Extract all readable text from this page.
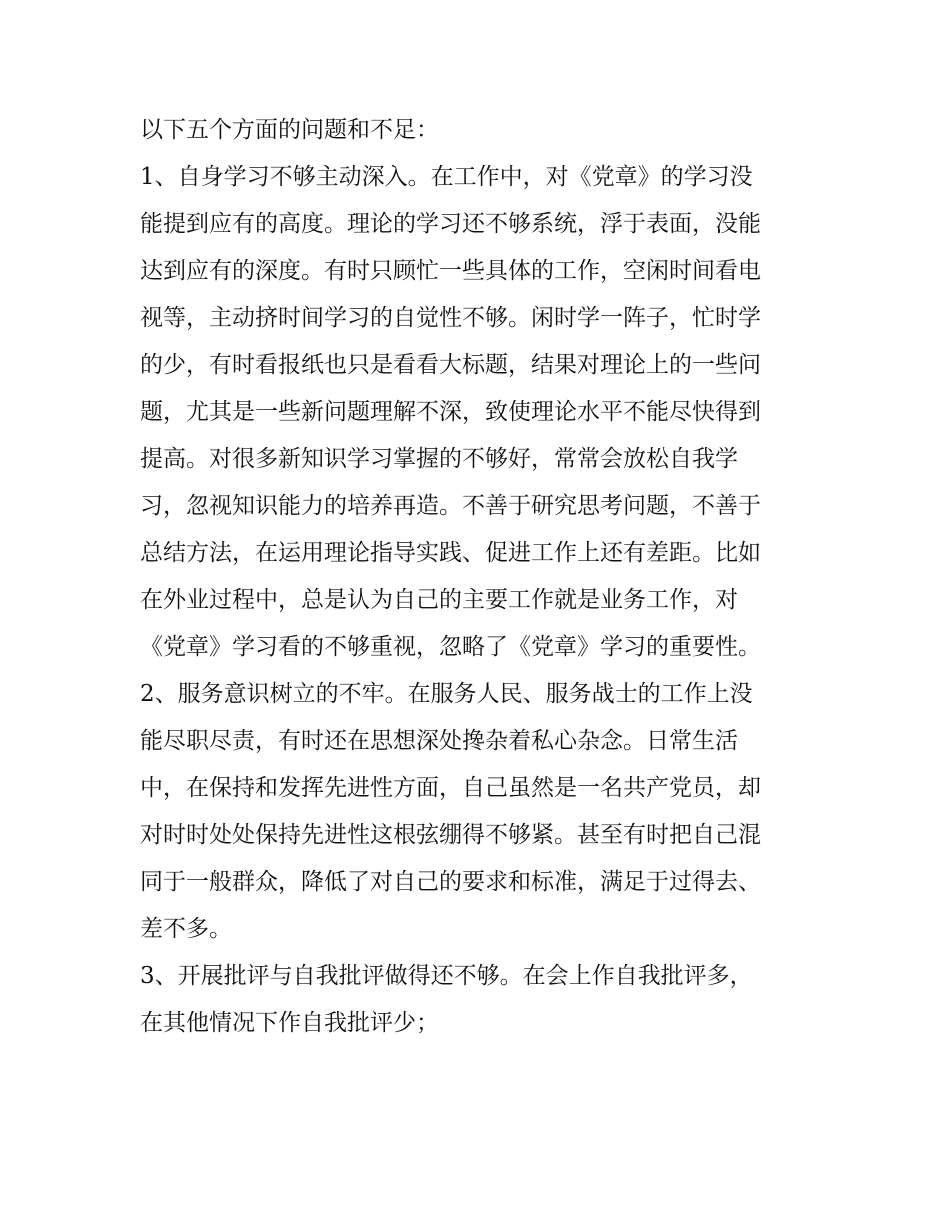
以下五个方面的问题和不足：
1、自身学习不够主动深入。在工作中，对《党章》的学习没
能提到应有的高度。理论的学习还不够系统，浮于表面，没能
达到应有的深度。有时只顾忙一些具体的工作，空闲时间看电
视等，主动挤时间学习的自觉性不够。闲时学一阵子，忙时学
的少，有时看报纸也只是看看大标题，结果对理论上的一些问
题，尤其是一些新问题理解不深，致使理论水平不能尽快得到
提高。对很多新知识学习掌握的不够好，常常会放松自我学
习，忽视知识能力的培养再造。不善于研究思考问题，不善于
总结方法，在运用理论指导实践、促进工作上还有差距。比如
在外业过程中，总是认为自己的主要工作就是业务工作，对
《党章》学习看的不够重视，忽略了《党章》学习的重要性。
2、服务意识树立的不牢。在服务人民、服务战士的工作上没
能尽职尽责，有时还在思想深处搀杂着私心杂念。日常生活
中，在保持和发挥先进性方面，自己虽然是一名共产党员，却
对时时处处保持先进性这根弦绷得不够紧。甚至有时把自己混
同于一般群众，降低了对自己的要求和标准，满足于过得去、
差不多。
3、开展批评与自我批评做得还不够。在会上作自我批评多，
在其他情况下作自我批评少；
